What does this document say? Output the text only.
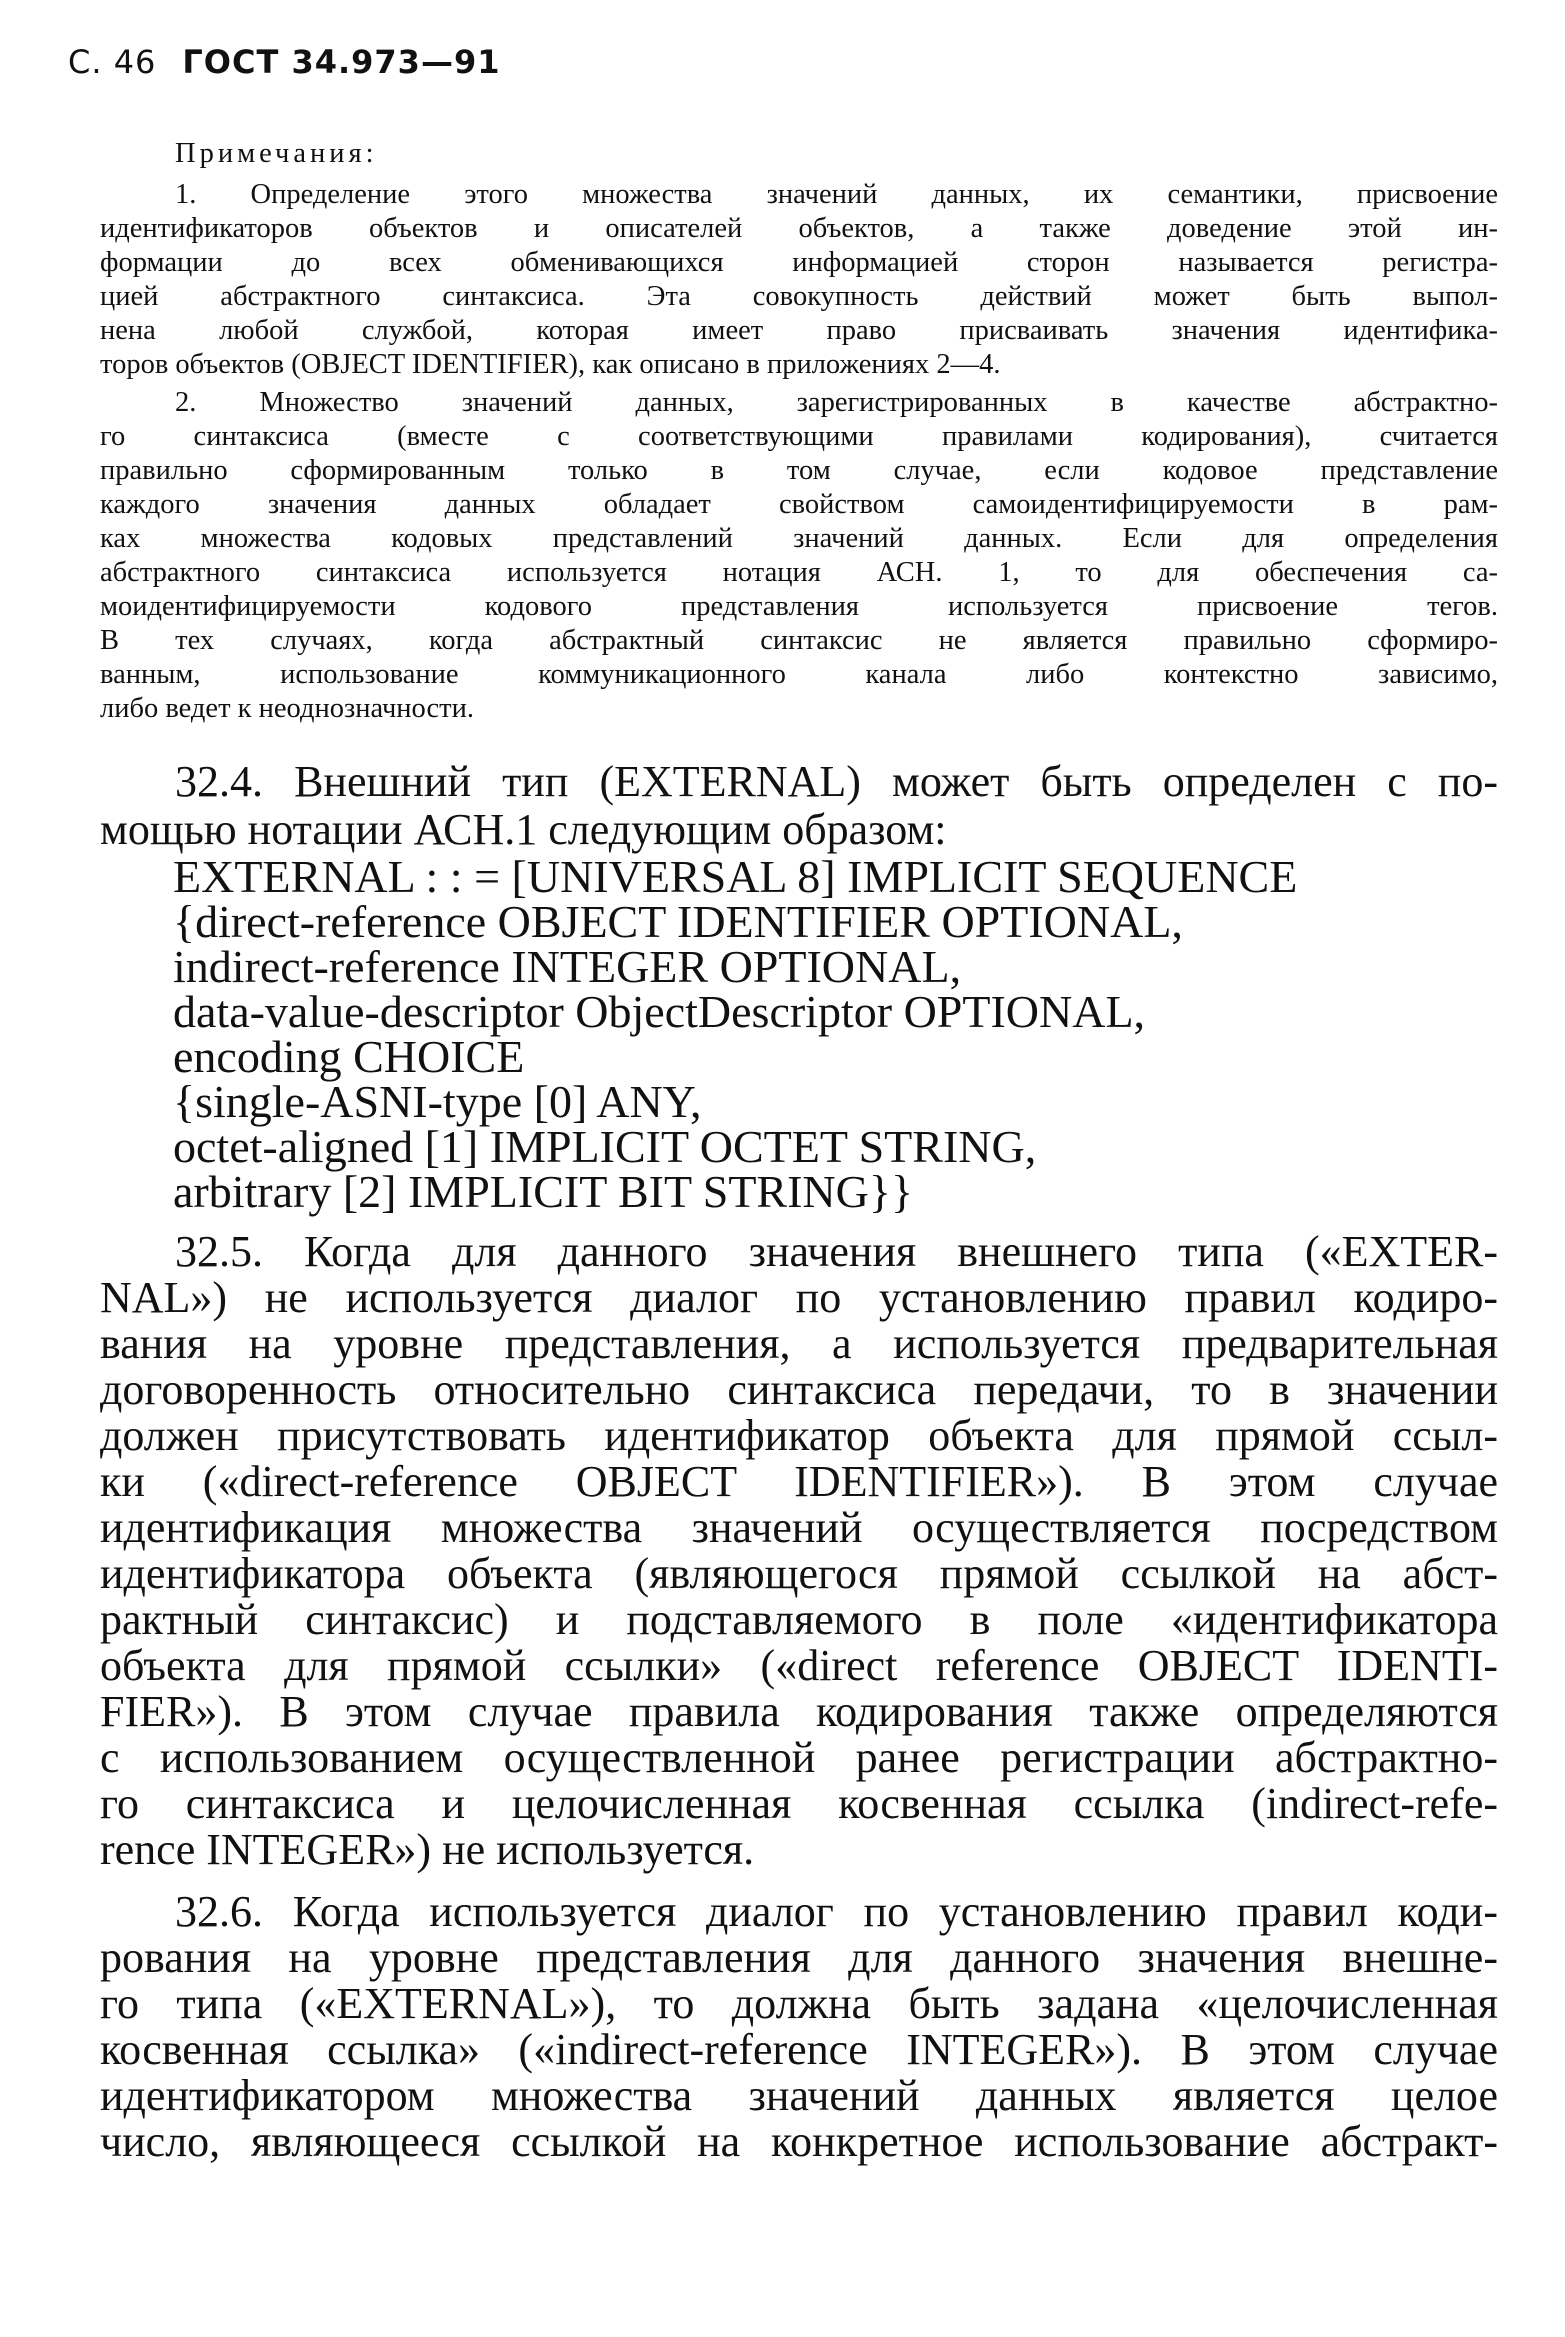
С. 46 ГОСТ 34.973—91
Примечания:
1. Определение этого множества значений данных, их семантики, присвоение
идентификаторов объектов и описателей объектов, а также доведение этой ин-
формации до всех обменивающихся информацией сторон называется регистра-
цией абстрактного синтаксиса. Эта совокупность действий может быть выпол-
нена любой службой, которая имеет право присваивать значения идентифика-
торов объектов (OBJECT IDENTIFIER), как описано в приложениях 2—4.
2. Множество значений данных, зарегистрированных в качестве абстрактно-
го синтаксиса (вместе с соответствующими правилами кодирования), считается
правильно сформированным только в том случае, если кодовое представление
каждого значения данных обладает свойством самоидентифицируемости в рам-
ках множества кодовых представлений значений данных. Если для определения
абстрактного синтаксиса используется нотация АСН. 1, то для обеспечения са-
моидентифицируемости кодового представления используется присвоение тегов.
В тех случаях, когда абстрактный синтаксис не является правильно сформиро-
ванным, использование коммуникационного канала либо контекстно зависимо,
либо ведет к неоднозначности.
32.4. Внешний тип (EXTERNAL) может быть определен с по-
мощью нотации АСН.1 следующим образом:
EXTERNAL : : = [UNIVERSAL 8] IMPLICIT SEQUENCE
{direct-reference OBJECT IDENTIFIER OPTIONAL,
indirect-reference INTEGER OPTIONAL,
data-value-descriptor ObjectDescriptor OPTIONAL,
encoding CHOICE
{single-ASNI-type [0] ANY,
octet-aligned [1] IMPLICIT OCTET STRING,
arbitrary [2] IMPLICIT BIT STRING}}
32.5. Когда для данного значения внешнего типа («EXTER-
NAL») не используется диалог по установлению правил кодиро-
вания на уровне представления, а используется предварительная
договоренность относительно синтаксиса передачи, то в значении
должен присутствовать идентификатор объекта для прямой ссыл-
ки («direct-reference OBJECT IDENTIFIER»). В этом случае
идентификация множества значений осуществляется посредством
идентификатора объекта (являющегося прямой ссылкой на абст-
рактный синтаксис) и подставляемого в поле «идентификатора
объекта для прямой ссылки» («direct reference OBJECT IDENTI-
FIER»). В этом случае правила кодирования также определяются
с использованием осуществленной ранее регистрации абстрактно-
го синтаксиса и целочисленная косвенная ссылка (indirect-refe-
rence INTEGER») не используется.
32.6. Когда используется диалог по установлению правил коди-
рования на уровне представления для данного значения внешне-
го типа («EXTERNAL»), то должна быть задана «целочисленная
косвенная ссылка» («indirect-reference INTEGER»). В этом случае
идентификатором множества значений данных является целое
число, являющееся ссылкой на конкретное использование абстракт-
